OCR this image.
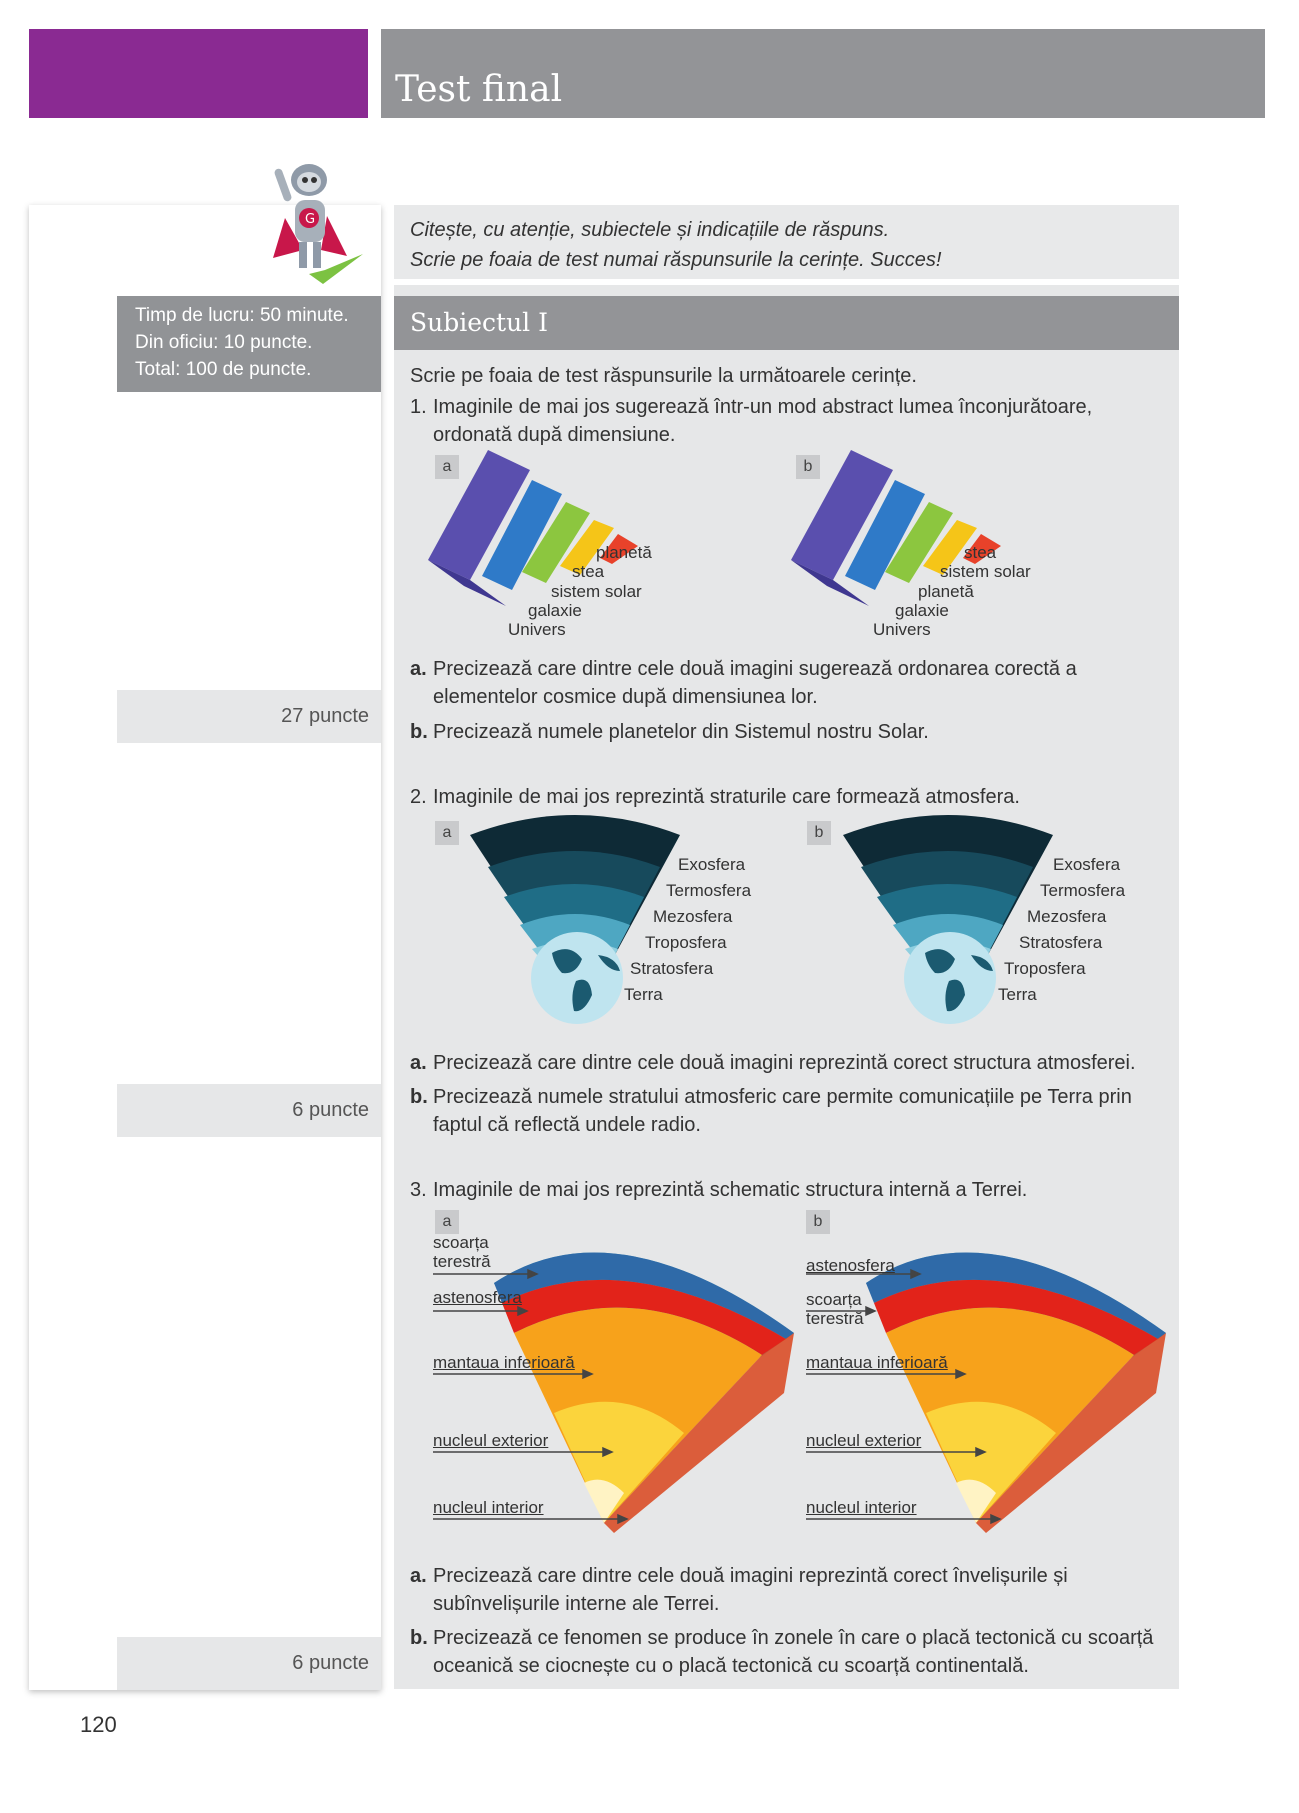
Test final
G
Timp de lucru: 50 minute.
Din oficiu: 10 puncte.
Total: 100 de puncte.
27 puncte
6 puncte
6 puncte
Citește, cu atenție, subiectele și indicațiile de răspuns.
Scrie pe foaia de test numai răspunsurile la cerințe. Succes!
Subiectul I
Scrie pe foaia de test răspunsurile la următoarele cerințe.
1. Imaginile de mai jos sugerează într-un mod abstract lumea înconjurătoare, ordonată după dimensiune.
a	b
planetă
stea
sistem solar
galaxie
Univers
stea
sistem solar
planetă
galaxie
Univers
a. Precizează care dintre cele două imagini sugerează ordonarea corectă a elementelor cosmice după dimensiunea lor.
b. Precizează numele planetelor din Sistemul nostru Solar.
2. Imaginile de mai jos reprezintă straturile care formează atmosfera.
a	b
Exosfera
Termosfera
Mezosfera
Troposfera
Stratosfera
Terra
Exosfera
Termosfera
Mezosfera
Stratosfera
Troposfera
Terra
a. Precizează care dintre cele două imagini reprezintă corect structura atmosferei.
b. Precizează numele stratului atmosferic care permite comunicațiile pe Terra prin faptul că reflectă undele radio.
3. Imaginile de mai jos reprezintă schematic structura internă a Terrei.
a	b
scoarța terestră
astenosfera
mantaua inferioară
nucleul exterior
nucleul interior
astenosfera
scoarța terestră
mantaua inferioară
nucleul exterior
nucleul interior
a. Precizează care dintre cele două imagini reprezintă corect învelișurile și subînvelișurile interne ale Terrei.
b. Precizează ce fenomen se produce în zonele în care o placă tectonică cu scoarță oceanică se ciocnește cu o placă tectonică cu scoarță continentală.
120
